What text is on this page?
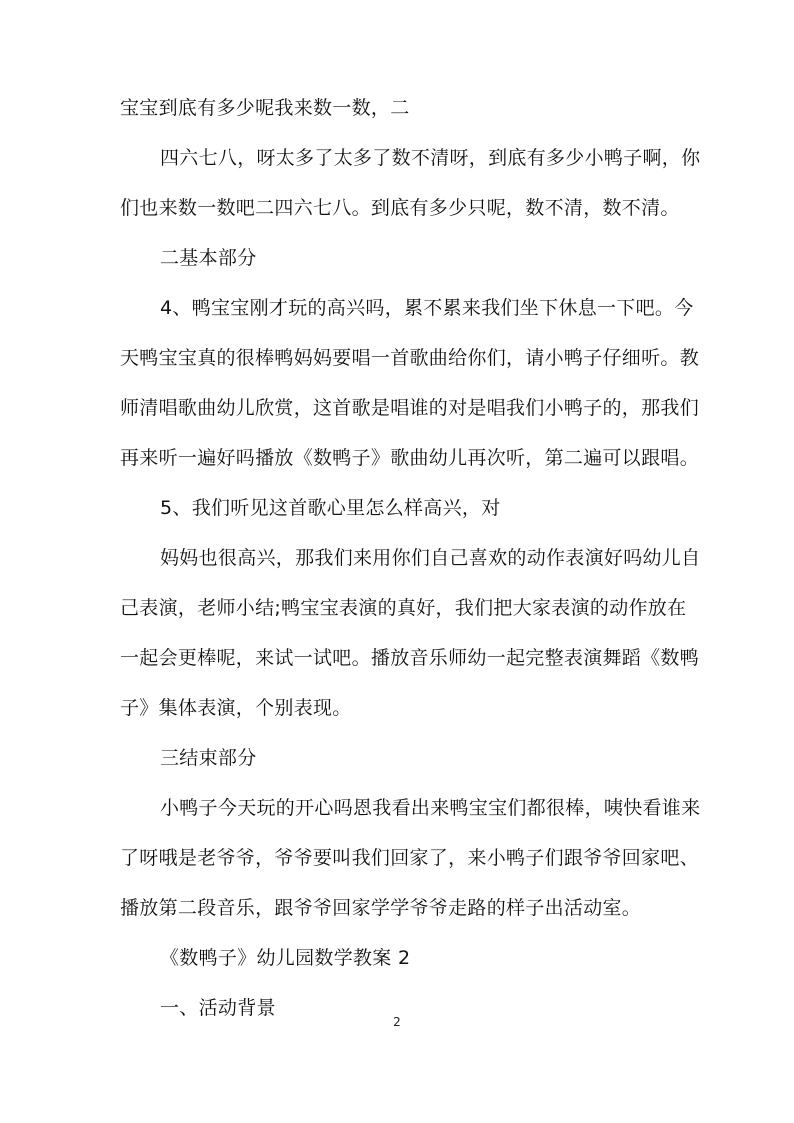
宝宝到底有多少呢我来数一数，二
四六七八，呀太多了太多了数不清呀，到底有多少小鸭子啊，你
们也来数一数吧二四六七八。到底有多少只呢，数不清，数不清。
二基本部分
4、鸭宝宝刚才玩的高兴吗，累不累来我们坐下休息一下吧。今
天鸭宝宝真的很棒鸭妈妈要唱一首歌曲给你们，请小鸭子仔细听。教
师清唱歌曲幼儿欣赏，这首歌是唱谁的对是唱我们小鸭子的，那我们
再来听一遍好吗播放《数鸭子》歌曲幼儿再次听，第二遍可以跟唱。
5、我们听见这首歌心里怎么样高兴，对
妈妈也很高兴，那我们来用你们自己喜欢的动作表演好吗幼儿自
己表演，老师小结;鸭宝宝表演的真好，我们把大家表演的动作放在
一起会更棒呢，来试一试吧。播放音乐师幼一起完整表演舞蹈《数鸭
子》集体表演，个别表现。
三结束部分
小鸭子今天玩的开心吗恩我看出来鸭宝宝们都很棒，咦快看谁来
了呀哦是老爷爷，爷爷要叫我们回家了，来小鸭子们跟爷爷回家吧、
播放第二段音乐，跟爷爷回家学学爷爷走路的样子出活动室。
《数鸭子》幼儿园数学教案 2
一、活动背景
2
